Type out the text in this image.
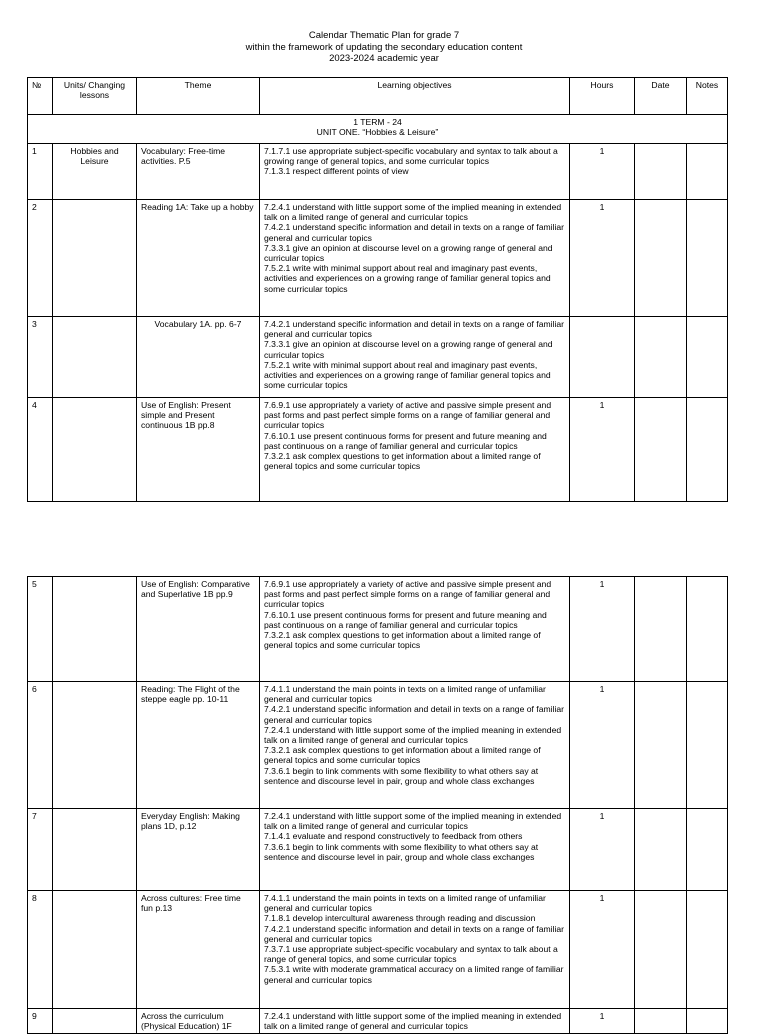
Calendar Thematic Plan for grade 7
within the framework of updating the secondary education content
2023-2024 academic year
№	Units/ Changing lessons	Theme	Learning objectives	Hours	Date	Notes

1 TERM - 24
UNIT ONE. “Hobbies & Leisure”						

1	Hobbies and Leisure	Vocabulary: Free-time activities. P.5	7.1.7.1 use appropriate subject-specific vocabulary and syntax to talk about a growing range of general topics, and some curricular topics
7.1.3.1 respect different points of view	1		
2		Reading 1A: Take up a hobby	7.2.4.1 understand with little support some of the implied meaning in extended talk on a limited range of general and curricular topics
7.4.2.1 understand specific information and detail in texts on a range of familiar general and curricular topics
7.3.3.1 give an opinion at discourse level on a growing range of general and curricular topics
7.5.2.1 write with minimal support about real and imaginary past events, activities and experiences on a growing range of familiar general topics and some curricular topics	1		
3		Vocabulary 1A. pp. 6-7	7.4.2.1 understand specific information and detail in texts on a range of familiar general and curricular topics
7.3.3.1 give an opinion at discourse level on a growing range of general and curricular topics
7.5.2.1 write with minimal support about real and imaginary past events, activities and experiences on a growing range of familiar general topics and some curricular topics			
4		Use of English: Present simple and Present continuous 1B pp.8	7.6.9.1 use appropriately a variety of active and passive simple present and past forms and past perfect simple forms on a range of familiar general and curricular topics
7.6.10.1 use present continuous forms for present and future meaning and past continuous on a range of familiar general and curricular topics
7.3.2.1 ask complex questions to get information about a limited range of general topics and some curricular topics	1		
5		Use of English: Comparative and Superlative 1B pp.9	7.6.9.1 use appropriately a variety of active and passive simple present and past forms and past perfect simple forms on a range of familiar general and curricular topics
7.6.10.1 use present continuous forms for present and future meaning and past continuous on a range of familiar general and curricular topics
7.3.2.1 ask complex questions to get information about a limited range of general topics and some curricular topics	1		
6		Reading: The Flight of the steppe eagle pp. 10-11	7.4.1.1 understand the main points in texts on a limited range of unfamiliar general and curricular topics
7.4.2.1 understand specific information and detail in texts on a range of familiar general and curricular topics
7.2.4.1 understand with little support some of the implied meaning in extended talk on a limited range of general and curricular topics
7.3.2.1 ask complex questions to get information about a limited range of general topics and some curricular topics
7.3.6.1 begin to link comments with some flexibility to what others say at sentence and discourse level in pair, group and whole class exchanges	1		
7		Everyday English: Making plans 1D, p.12	7.2.4.1 understand with little support some of the implied meaning in extended talk on a limited range of general and curricular topics
7.1.4.1 evaluate and respond constructively to feedback from others
7.3.6.1 begin to link comments with some flexibility to what others say at sentence and discourse level in pair, group and whole class exchanges	1		
8		Across cultures: Free time fun p.13	7.4.1.1 understand the main points in texts on a limited range of unfamiliar general and curricular topics
7.1.8.1 develop intercultural awareness through reading and discussion
7.4.2.1 understand specific information and detail in texts on a range of familiar general and curricular topics
7.3.7.1 use appropriate subject-specific vocabulary and syntax to talk about a range of general topics, and some curricular topics
7.5.3.1 write with moderate grammatical accuracy on a limited range of familiar general and curricular topics	1		
9		Across the curriculum (Physical Education) 1F	7.2.4.1 understand with little support some of the implied meaning in extended talk on a limited range of general and curricular topics	1		
